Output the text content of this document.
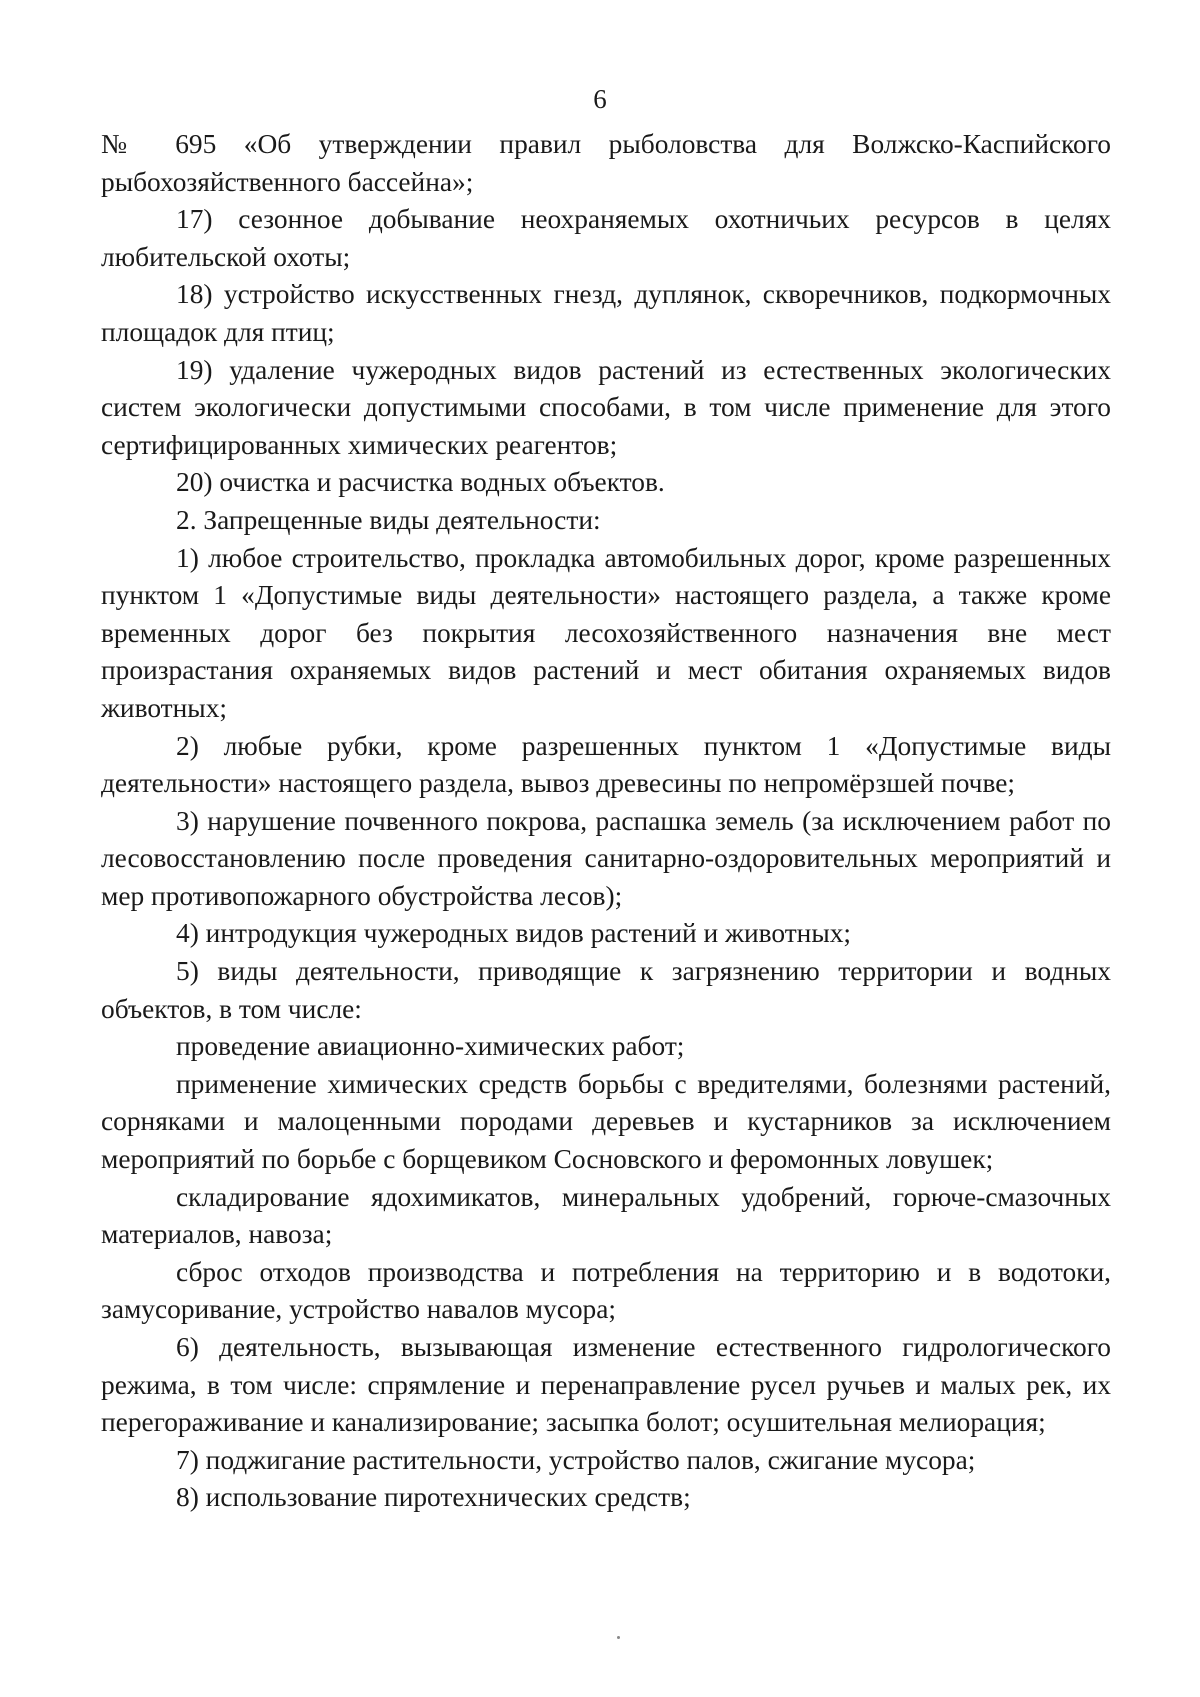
6

№ 695 «Об утверждении правил рыболовства для Волжско-Каспийского рыбохозяйственного бассейна»;

17) сезонное добывание неохраняемых охотничьих ресурсов в целях любительской охоты;

18) устройство искусственных гнезд, дуплянок, скворечников, подкормочных площадок для птиц;

19) удаление чужеродных видов растений из естественных экологических систем экологически допустимыми способами, в том числе применение для этого сертифицированных химических реагентов;

20) очистка и расчистка водных объектов.

2. Запрещенные виды деятельности:

1) любое строительство, прокладка автомобильных дорог, кроме разрешенных пунктом 1 «Допустимые виды деятельности» настоящего раздела, а также кроме временных дорог без покрытия лесохозяйственного назначения вне мест произрастания охраняемых видов растений и мест обитания охраняемых видов животных;

2) любые рубки, кроме разрешенных пунктом 1 «Допустимые виды деятельности» настоящего раздела, вывоз древесины по непромёрзшей почве;

3) нарушение почвенного покрова, распашка земель (за исключением работ по лесовосстановлению после проведения санитарно-оздоровительных мероприятий и мер противопожарного обустройства лесов);

4) интродукция чужеродных видов растений и животных;

5) виды деятельности, приводящие к загрязнению территории и водных объектов, в том числе:

проведение авиационно-химических работ;

применение химических средств борьбы с вредителями, болезнями растений, сорняками и малоценными породами деревьев и кустарников за исключением мероприятий по борьбе с борщевиком Сосновского и феромонных ловушек;

складирование ядохимикатов, минеральных удобрений, горюче-смазочных материалов, навоза;

сброс отходов производства и потребления на территорию и в водотоки, замусоривание, устройство навалов мусора;

6) деятельность, вызывающая изменение естественного гидрологического режима, в том числе: спрямление и перенаправление русел ручьев и малых рек, их перегораживание и канализирование; засыпка болот; осушительная мелиорация;

7) поджигание растительности, устройство палов, сжигание мусора;

8) использование пиротехнических средств;
